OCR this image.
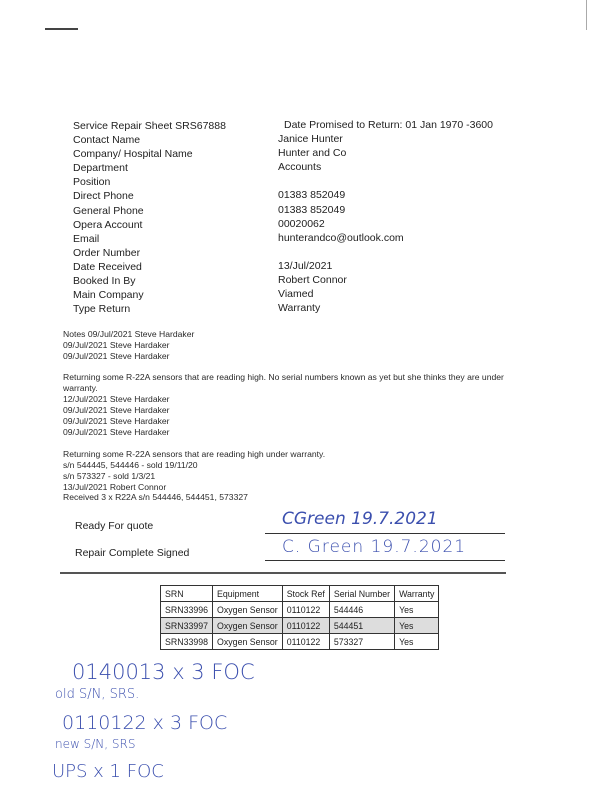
Service Repair Sheet SRS67888	Date Promised to Return: 01 Jan 1970 -3600
Contact Name	Janice Hunter
Company/ Hospital Name	Hunter and Co
Department	Accounts
Position
Direct Phone	01383 852049
General Phone	01383 852049
Opera Account	00020062
Email	hunterandco@outlook.com
Order Number
Date Received	13/Jul/2021
Booked In By	Robert Connor
Main Company	Viamed
Type Return	Warranty
Notes 09/Jul/2021 Steve Hardaker
09/Jul/2021 Steve Hardaker
09/Jul/2021 Steve Hardaker
Returning some R-22A sensors that are reading high. No serial numbers known as yet but she thinks they are under
warranty.
12/Jul/2021 Steve Hardaker
09/Jul/2021 Steve Hardaker
09/Jul/2021 Steve Hardaker
09/Jul/2021 Steve Hardaker
Returning some R-22A sensors that are reading high under warranty.
s/n 544445, 544446 - sold 19/11/20
s/n 573327 - sold 1/3/21
13/Jul/2021 Robert Connor
Received 3 x R22A s/n 544446, 544451, 573327
Ready For quote	CGreen 19.7.2021
Repair Complete Signed	C. Green 19.7.2021
SRN	Equipment	Stock Ref	Serial Number	Warranty
SRN33996	Oxygen Sensor	0110122	544446	Yes
SRN33997	Oxygen Sensor	0110122	544451	Yes
SRN33998	Oxygen Sensor	0110122	573327	Yes
0140013 x 3 FOC
old S/N, SRS.
0110122 x 3 FOC
new S/N, SRS
UPS x 1 FOC
